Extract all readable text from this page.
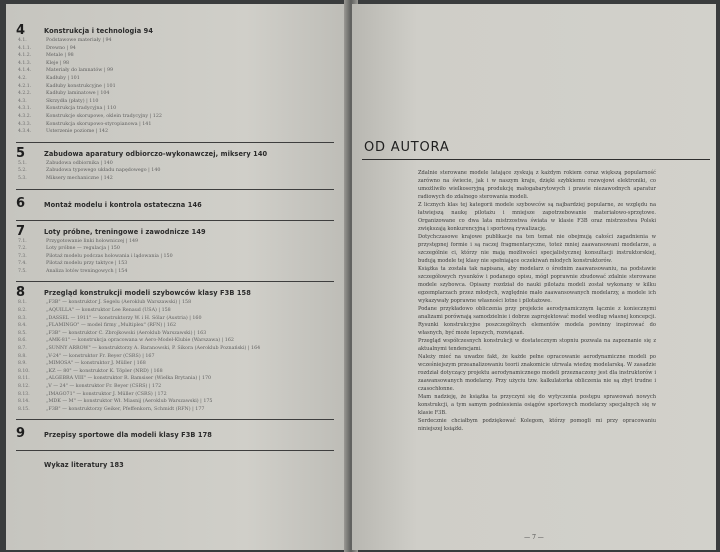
4	Konstrukcja i technologia 94
4.1.	Podstawowe materiały | 94
4.1.1.	Drewno | 94
4.1.2.	Metale | 98
4.1.3.	Kleje | 98
4.1.4.	Materiały do lamnatów | 99
4.2.	Kadłuby | 101
4.2.1.	Kadłuby konstrukcyjne | 101
4.2.2.	Kadłuby laminatowe | 104
4.3.	Skrzydła (płaty) | 110
4.3.1.	Konstrukcja tradycyjna | 110
4.3.2.	Konstrukcje skorupowe, oklein tradycyjny | 122
4.3.3.	Konstrukcja skorupowo-styropianowa | 141
4.3.4.	Usterzenie poziome | 142
5	Zabudowa aparatury odbiorczo-wykonawczej, miksery 140
5.1.	Zabudowa odbiornika | 140
5.2.	Zabudowa typowego układu napędowego | 140
5.3.	Miksery mechaniczne | 142
6	Montaż modelu i kontrola ostateczna 146
7	Loty próbne, treningowe i zawodnicze 149
7.1.	Przygotowanie linki holowniczej | 149
7.2.	Loty próbne — regulacja | 150
7.3.	Pilotaż modelu podczas holowania i lądowania | 150
7.4.	Pilotaż modelu przy taktyce | 153
7.5.	Analiza lotów treningowych | 154
8	Przegląd konstrukcji modeli szybowców klasy F3B 158
8.1.	„F3B" — konstruktor J. Segelu (Aeroklub Warszawski) | 158
8.2.	„AQUILLA" — konstruktor Lee Renaud (USA) | 158
8.3.	„DASSEL — 1911" — konstruktorzy W. i H. Sölar (Austria) | 160
8.4.	„FLAMINGO" — model firmy „Multiplex" (RFN) | 162
8.5.	„F3B" — konstruktor C. Zbrojkowski (Aeroklub Warszawski) | 163
8.6.	„AMK-81" — konstrukcja opracowana w Aero-Model-Klubie (Warszawa) | 162
8.7.	„SUNNY ARROW" — konstruktorzy A. Baranowski, P. Sikora (Aeroklub Poznański) | 164
8.8.	„V-24" — konstruktor Fr. Beyer (CSRS) | 167
8.9.	„MIMOSA" — konstruktor J. Müller | 168
8.10.	„KZ — 80" — konstruktor K. Töpler (NRD) | 168
8.11.	„ALGEBRA VIII" — konstruktor R. Bamsiser (Wielka Brytania) | 170
8.12.	„V — 24" — konstruktor Fr. Beyer (CSRS) | 172
8.13.	„IMAGO71" — konstruktor J. Müller (CSRS) | 172
8.14.	„MDK — M" — konstruktor Wł. Miasnij (Aeroklub Warszawski) | 175
8.15.	„F3B" — konstruktorzy Geiker, Pfeffenkorn, Schmidt (RFN) | 177
9	Przepisy sportowe dla modeli klasy F3B 178
Wykaz literatury 183
OD AUTORA

Zdalnie sterowane modele latające zyskują z każdym rokiem coraz większą popularność zarówno na świecie, jak i w naszym kraju, dzięki szybkiemu rozwojowi elektroniki, co umożliwiło wielkoseryjną produkcję małogabarytowych i prawie niezawodnych aparatur radiowych do zdalnego sterowania modeli.

Z licznych klas tej kategorii modele szybowców są najbardziej popularne, ze względu na łatwiejszą naukę pilotażu i mniejsze zapotrzebowanie materiałowo-sprzętowe. Organizowane co dwa lata mistrzostwa świata w klasie F3B oraz mistrzostwa Polski zwiększają konkurencyjną i sportową rywalizację.

Dotychczasowe krajowe publikacje na ten temat nie obejmują całości zagadnienia w przystępnej formie i są raczej fragmentaryczne, toteż mniej zaawansowani modelarze, a szczególnie ci, którzy nie mają możliwości specjalistycznej konsultacji instruktorskiej, budują modele tej klasy nie spełniające oczekiwań młodych konstruktorów.

Książka ta została tak napisana, aby modelarz o średnim zaawansowaniu, na podstawie szczegółowych rysunków i podanego opisu, mógł poprawnie zbudować zdalnie sterowane modele szybowca. Opisany rozdział do nauki pilotażu modeli został wykonany w kilku egzemplarzach przez młodych, względnie mało zaawansowanych modelarzy, a modele ich wykazywały poprawne własności lotne i pilotażowe.

Podane przykładowo obliczenia przy projekcie aerodynamicznym łącznie z koniecznymi analizami porównają samodzielnie i dobrze zaprojektować model według własnej koncepcji. Rysunki konstrukcyjne poszczególnych elementów modela powinny inspirować do własnych, być może lepszych, rozwiązań.

Przegląd współczesnych konstrukcji w dostatecznym stopniu pozwala na zapoznanie się z aktualnymi tendencjami.

Należy mieć na uwadze fakt, że każde pełne opracowanie aerodynamiczne modeli po wcześniejszym przeanalizowaniu teorii znakomicie utrwala wiedzę modelarską. W zasadzie rozdział dotyczący projektu aerodynamicznego modeli przeznaczony jest dla instruktorów i zaawansowanych modelarzy. Przy użyciu tzw. kalkulatorka obliczenia nie są zbyt trudne i czasochłonne.

Mam nadzieję, że książka ta przyczyni się do wytyczenia postępu sprawowań nowych konstrukcji, a tym samym podniesienia osiągów sportowych modelarzy specjalnych się w klasie F3B.

Serdecznie chciałbym podziękować Kolegom, którzy pomogli mi przy opracowaniu niniejszej książki.

— 7 —
